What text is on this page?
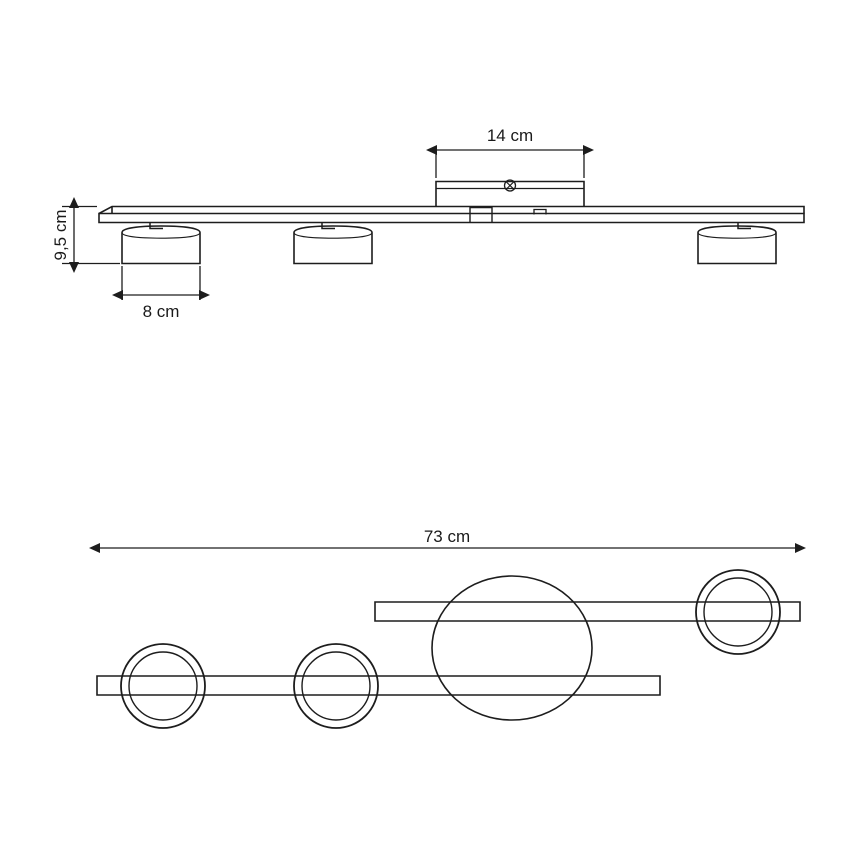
14 cm
9,5 cm
8 cm
73 cm
